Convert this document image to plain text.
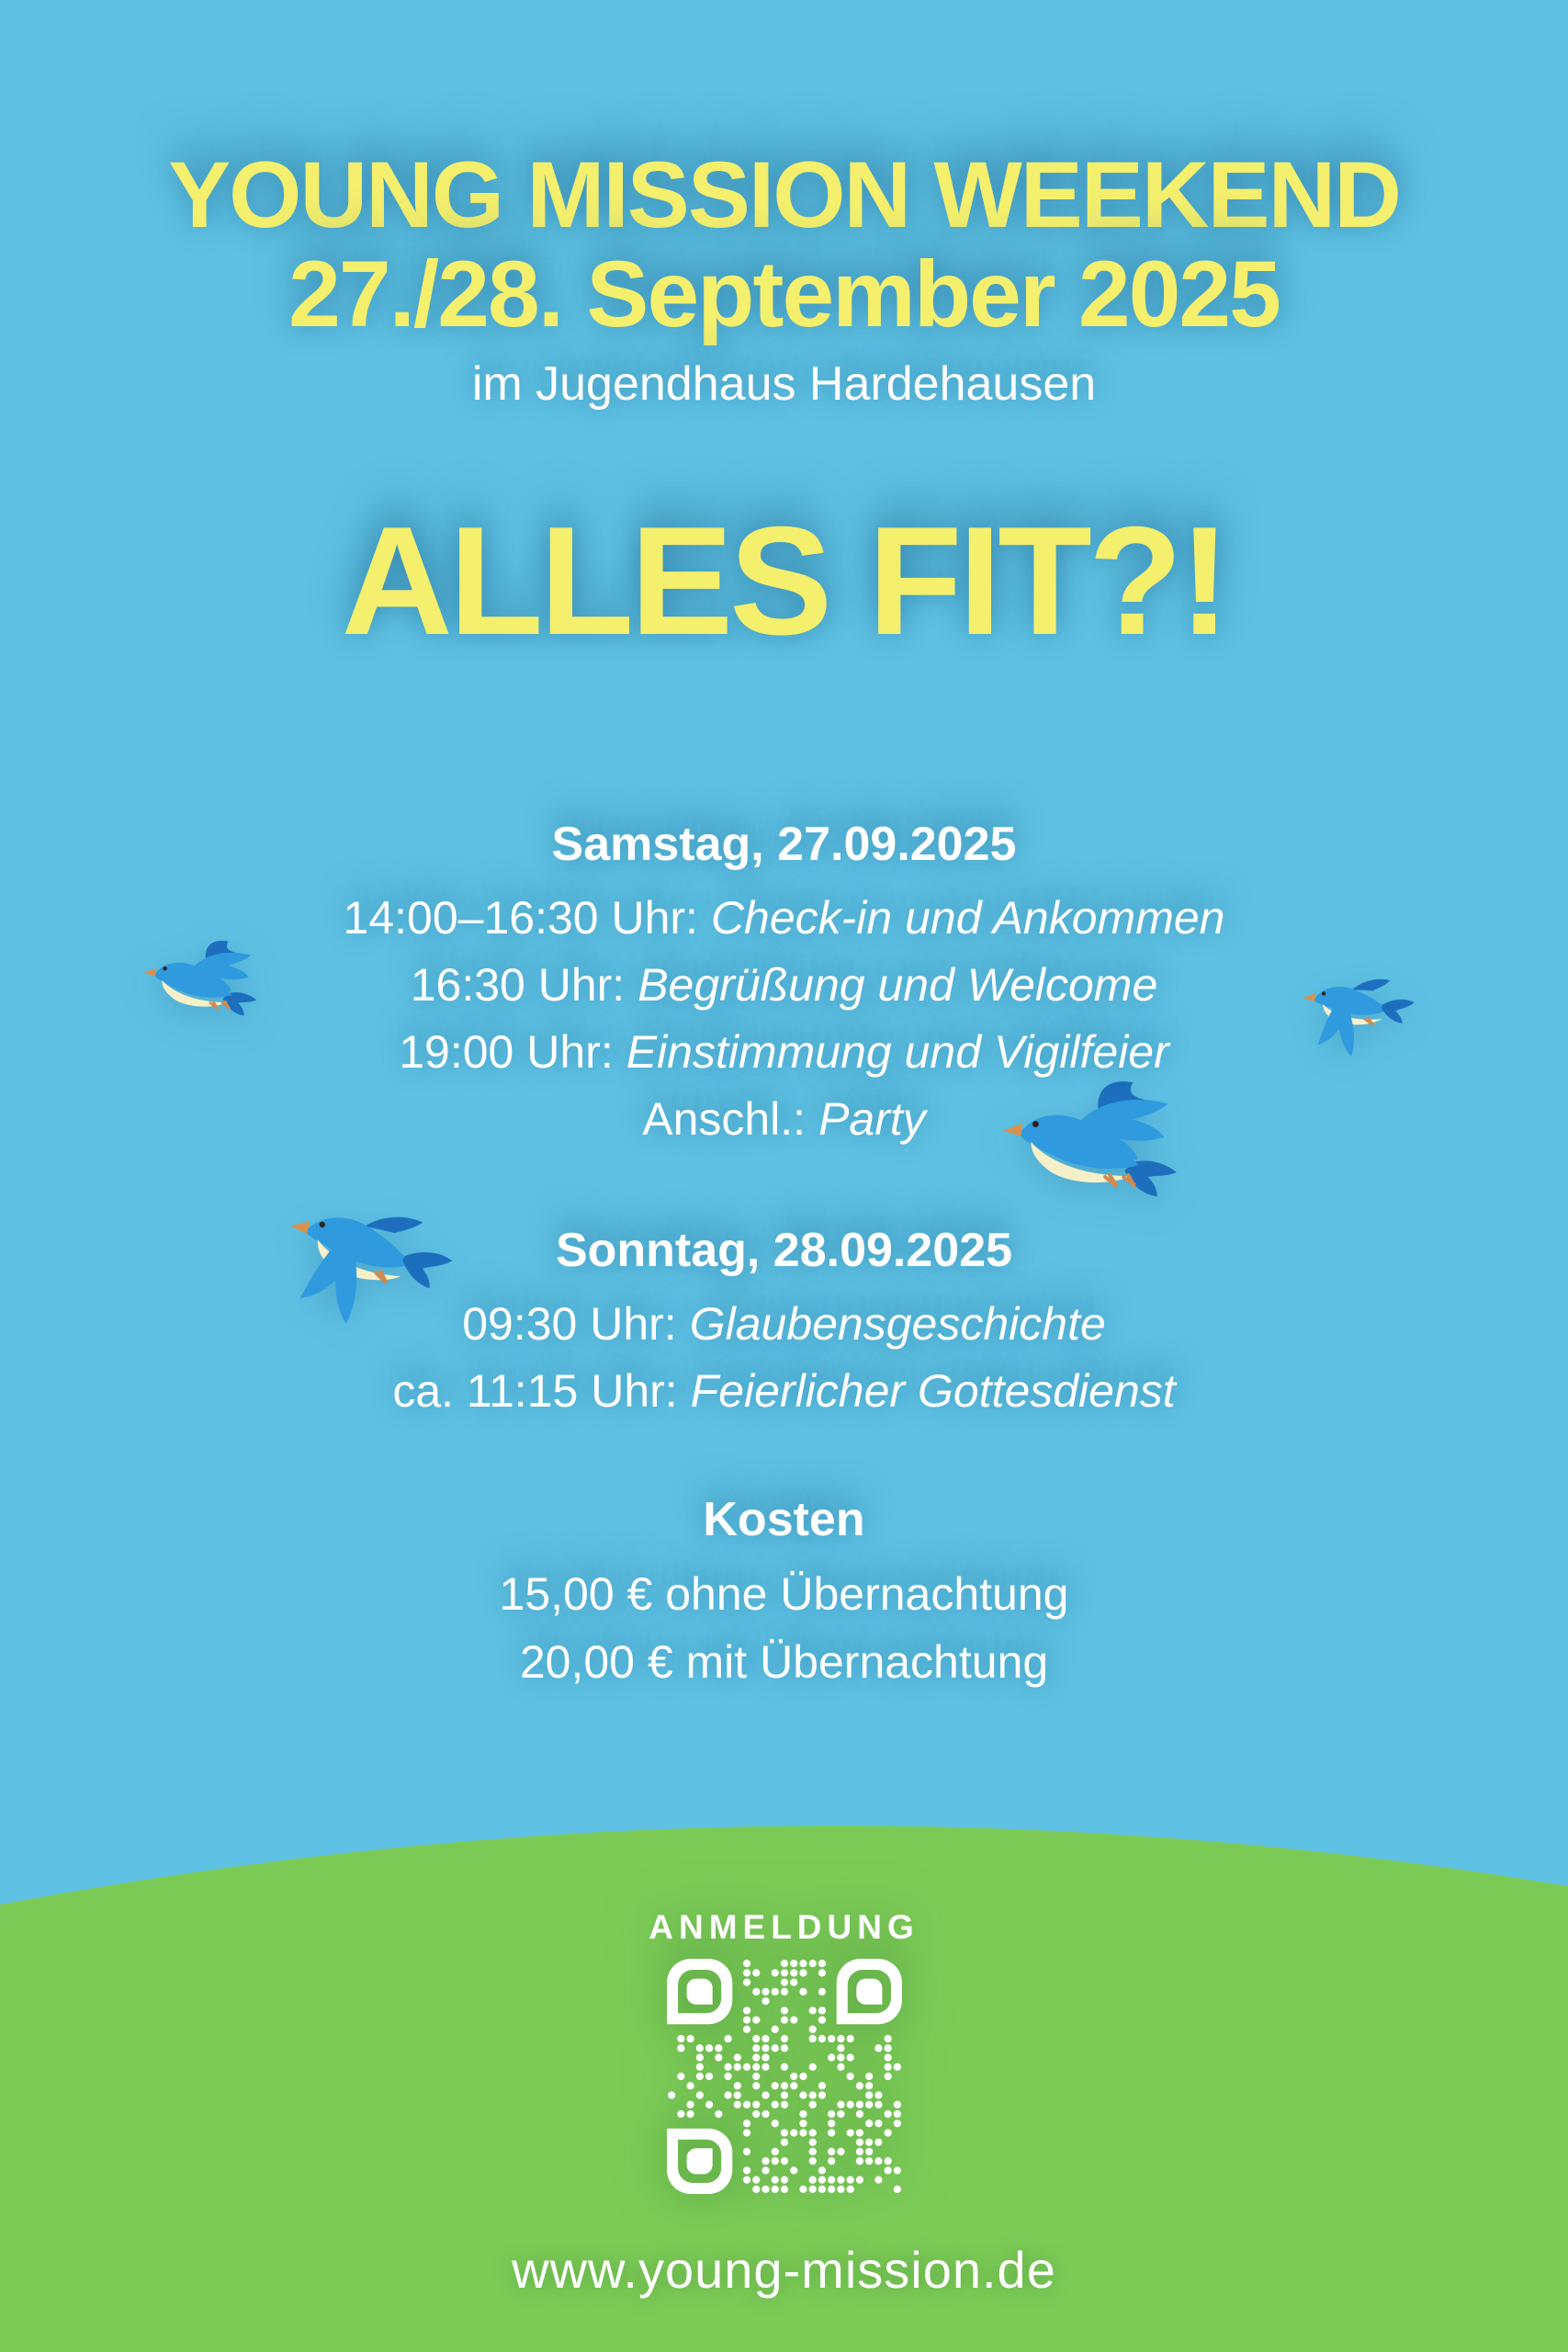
YOUNG MISSION WEEKEND
27./28. September 2025

im Jugendhaus Hardehausen

ALLES FIT?!
Samstag, 27.09.2025
14:00–16:30 Uhr: Check-in und Ankommen
16:30 Uhr: Begrüßung und Welcome
19:00 Uhr: Einstimmung und Vigilfeier
Anschl.: Party
Sonntag, 28.09.2025
09:30 Uhr: Glaubensgeschichte
ca. 11:15 Uhr: Feierlicher Gottesdienst
Kosten
15,00 € ohne Übernachtung
20,00 € mit Übernachtung
ANMELDUNG
www.young-mission.de
